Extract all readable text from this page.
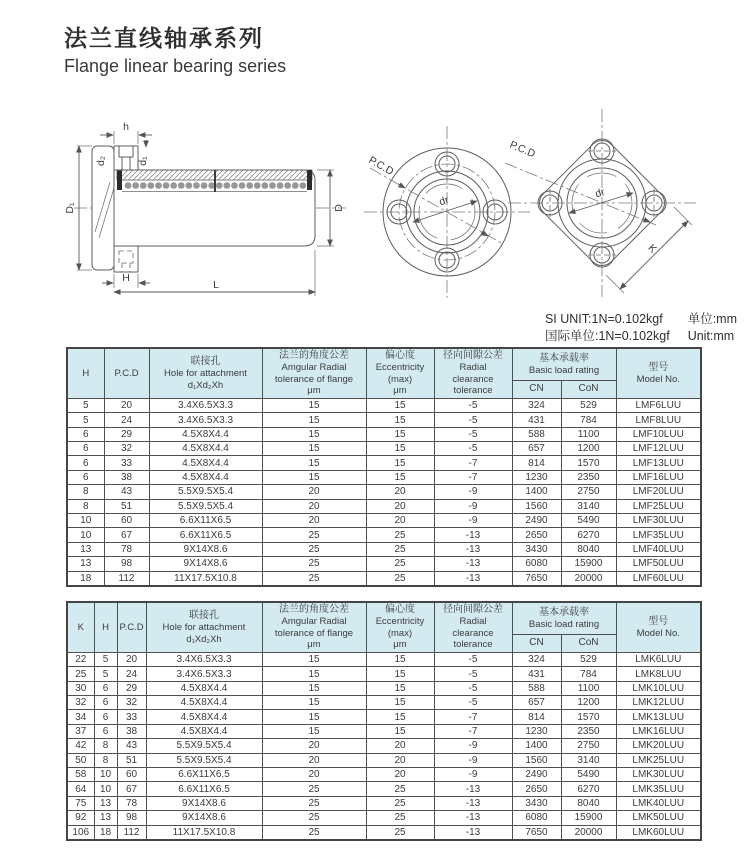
法兰直线轴承系列
Flange linear bearing series
h
d₂	d₁
D₁	D
H
L
P.C.D
dr
P.C.D
dr
K
SI UNIT:1N=0.102kgf 单位:mm
国际单位:1N=0.102kgf Unit:mm
H	P.C.D	
联接孔
Hole for attachment
d₁Xd₂Xh

法兰的角度公差
Amgular Radial
tolerance of flange
μm

偏心度
Eccentricity
(max)
μm

径向间隙公差
Radial
clearance
tolerance

基本承载率
Basic load rating	型号
Model No.

						CN	CoN	
5	20	3.4X6.5X3.3	15	15	-5	324	529	LMF6LUU
5	24	3.4X6.5X3.3	15	15	-5	431	784	LMF8LUU
6	29	4.5X8X4.4	15	15	-5	588	1100	LMF10LUU
6	32	4.5X8X4.4	15	15	-5	657	1200	LMF12LUU
6	33	4.5X8X4.4	15	15	-7	814	1570	LMF13LUU
6	38	4.5X8X4.4	15	15	-7	1230	2350	LMF16LUU
8	43	5.5X9.5X5.4	20	20	-9	1400	2750	LMF20LUU
8	51	5.5X9.5X5.4	20	20	-9	1560	3140	LMF25LUU
10	60	6.6X11X6.5	20	20	-9	2490	5490	LMF30LUU
10	67	6.6X11X6.5	25	25	-13	2650	6270	LMF35LUU
13	78	9X14X8.6	25	25	-13	3430	8040	LMF40LUU
13	98	9X14X8.6	25	25	-13	6080	15900	LMF50LUU
18	112	11X17.5X10.8	25	25	-13	7650	20000	LMF60LUU
K	H	P.C.D	
联接孔
Hole for attachment
d₁Xd₂Xh

法兰的角度公差
Amgular Radial
tolerance of flange
μm

偏心度
Eccentricity
(max)
μm

径向间隙公差
Radial
clearance
tolerance

基本承载率
Basic load rating	型号
Model No.

							CN	CoN	
22	5	20	3.4X6.5X3.3	15	15	-5	324	529	LMK6LUU
25	5	24	3.4X6.5X3.3	15	15	-5	431	784	LMK8LUU
30	6	29	4.5X8X4.4	15	15	-5	588	1100	LMK10LUU
32	6	32	4.5X8X4.4	15	15	-5	657	1200	LMK12LUU
34	6	33	4.5X8X4.4	15	15	-7	814	1570	LMK13LUU
37	6	38	4.5X8X4.4	15	15	-7	1230	2350	LMK16LUU
42	8	43	5.5X9.5X5.4	20	20	-9	1400	2750	LMK20LUU
50	8	51	5.5X9.5X5.4	20	20	-9	1560	3140	LMK25LUU
58	10	60	6.6X11X6.5	20	20	-9	2490	5490	LMK30LUU
64	10	67	6.6X11X6.5	25	25	-13	2650	6270	LMK35LUU
75	13	78	9X14X8.6	25	25	-13	3430	8040	LMK40LUU
92	13	98	9X14X8.6	25	25	-13	6080	15900	LMK50LUU
106	18	112	11X17.5X10.8	25	25	-13	7650	20000	LMK60LUU
